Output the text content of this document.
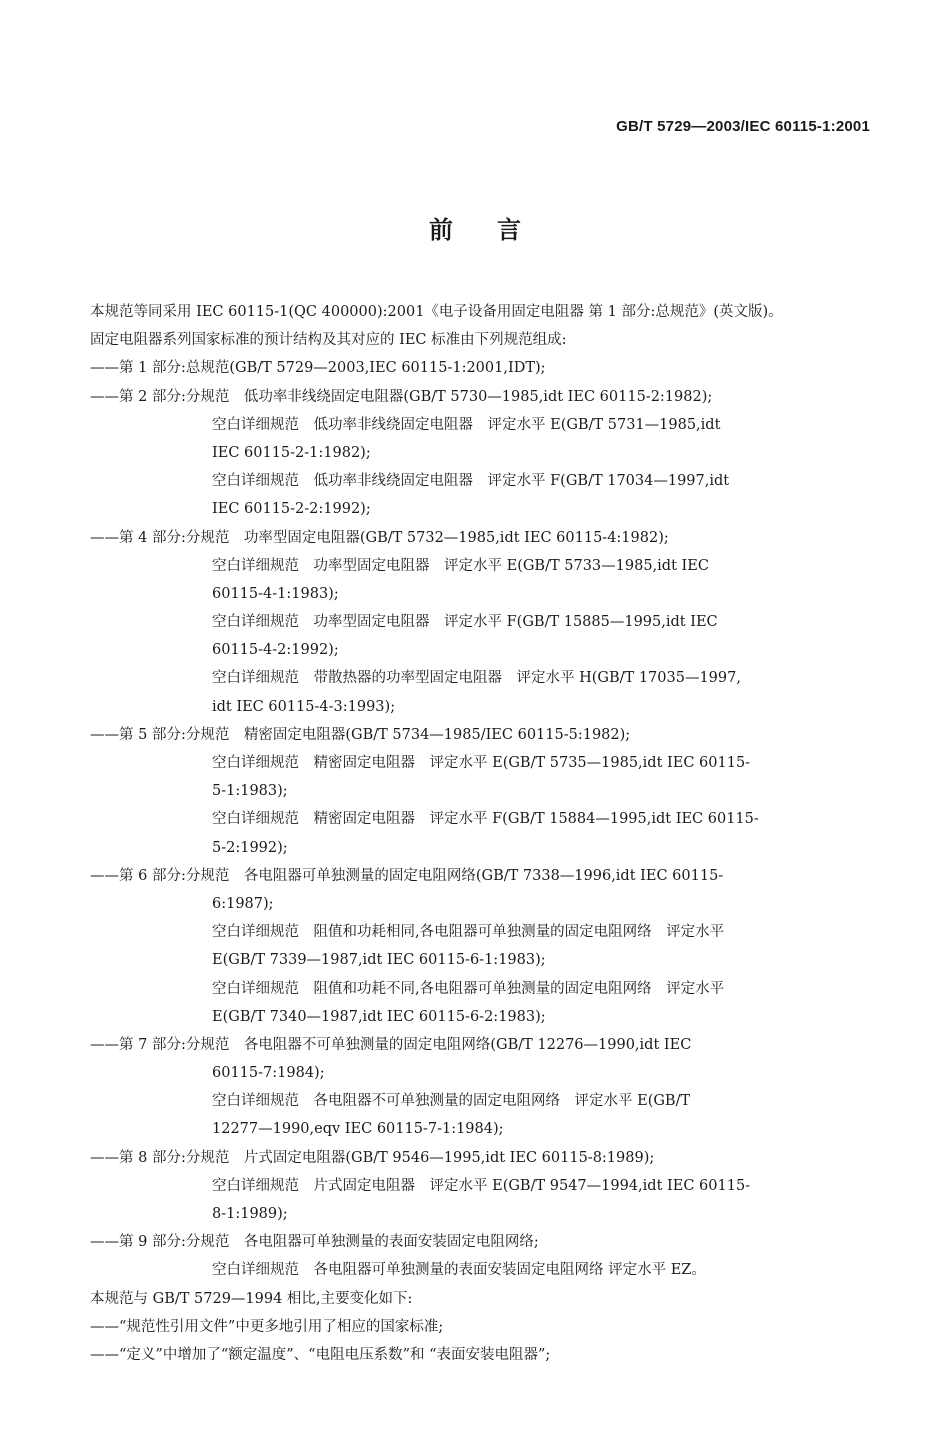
GB/T 5729—2003/IEC 60115-1:2001
前言
本规范等同采用 IEC 60115-1(QC 400000):2001《电子设备用固定电阻器 第 1 部分:总规范》(英文版)。
固定电阻器系列国家标准的预计结构及其对应的 IEC 标准由下列规范组成:
——第 1 部分:总规范(GB/T 5729—2003,IEC 60115-1:2001,IDT);
——第 2 部分:分规范　低功率非线绕固定电阻器(GB/T 5730—1985,idt IEC 60115-2:1982);
空白详细规范　低功率非线绕固定电阻器　评定水平 E(GB/T 5731—1985,idt
IEC 60115-2-1:1982);
空白详细规范　低功率非线绕固定电阻器　评定水平 F(GB/T 17034—1997,idt
IEC 60115-2-2:1992);
——第 4 部分:分规范　功率型固定电阻器(GB/T 5732—1985,idt IEC 60115-4:1982);
空白详细规范　功率型固定电阻器　评定水平 E(GB/T 5733—1985,idt IEC
60115-4-1:1983);
空白详细规范　功率型固定电阻器　评定水平 F(GB/T 15885—1995,idt IEC
60115-4-2:1992);
空白详细规范　带散热器的功率型固定电阻器　评定水平 H(GB/T 17035—1997,
idt IEC 60115-4-3:1993);
——第 5 部分:分规范　精密固定电阻器(GB/T 5734—1985/IEC 60115-5:1982);
空白详细规范　精密固定电阻器　评定水平 E(GB/T 5735—1985,idt IEC 60115-
5-1:1983);
空白详细规范　精密固定电阻器　评定水平 F(GB/T 15884—1995,idt IEC 60115-
5-2:1992);
——第 6 部分:分规范　各电阻器可单独测量的固定电阻网络(GB/T 7338—1996,idt IEC 60115-
6:1987);
空白详细规范　阻值和功耗相同,各电阻器可单独测量的固定电阻网络　评定水平
E(GB/T 7339—1987,idt IEC 60115-6-1:1983);
空白详细规范　阻值和功耗不同,各电阻器可单独测量的固定电阻网络　评定水平
E(GB/T 7340—1987,idt IEC 60115-6-2:1983);
——第 7 部分:分规范　各电阻器不可单独测量的固定电阻网络(GB/T 12276—1990,idt IEC
60115-7:1984);
空白详细规范　各电阻器不可单独测量的固定电阻网络　评定水平 E(GB/T
12277—1990,eqv IEC 60115-7-1:1984);
——第 8 部分:分规范　片式固定电阻器(GB/T 9546—1995,idt IEC 60115-8:1989);
空白详细规范　片式固定电阻器　评定水平 E(GB/T 9547—1994,idt IEC 60115-
8-1:1989);
——第 9 部分:分规范　各电阻器可单独测量的表面安装固定电阻网络;
空白详细规范　各电阻器可单独测量的表面安装固定电阻网络 评定水平 EZ。
本规范与 GB/T 5729—1994 相比,主要变化如下:
——“规范性引用文件”中更多地引用了相应的国家标准;
——“定义”中增加了“额定温度”、“电阻电压系数”和 “表面安装电阻器”;
